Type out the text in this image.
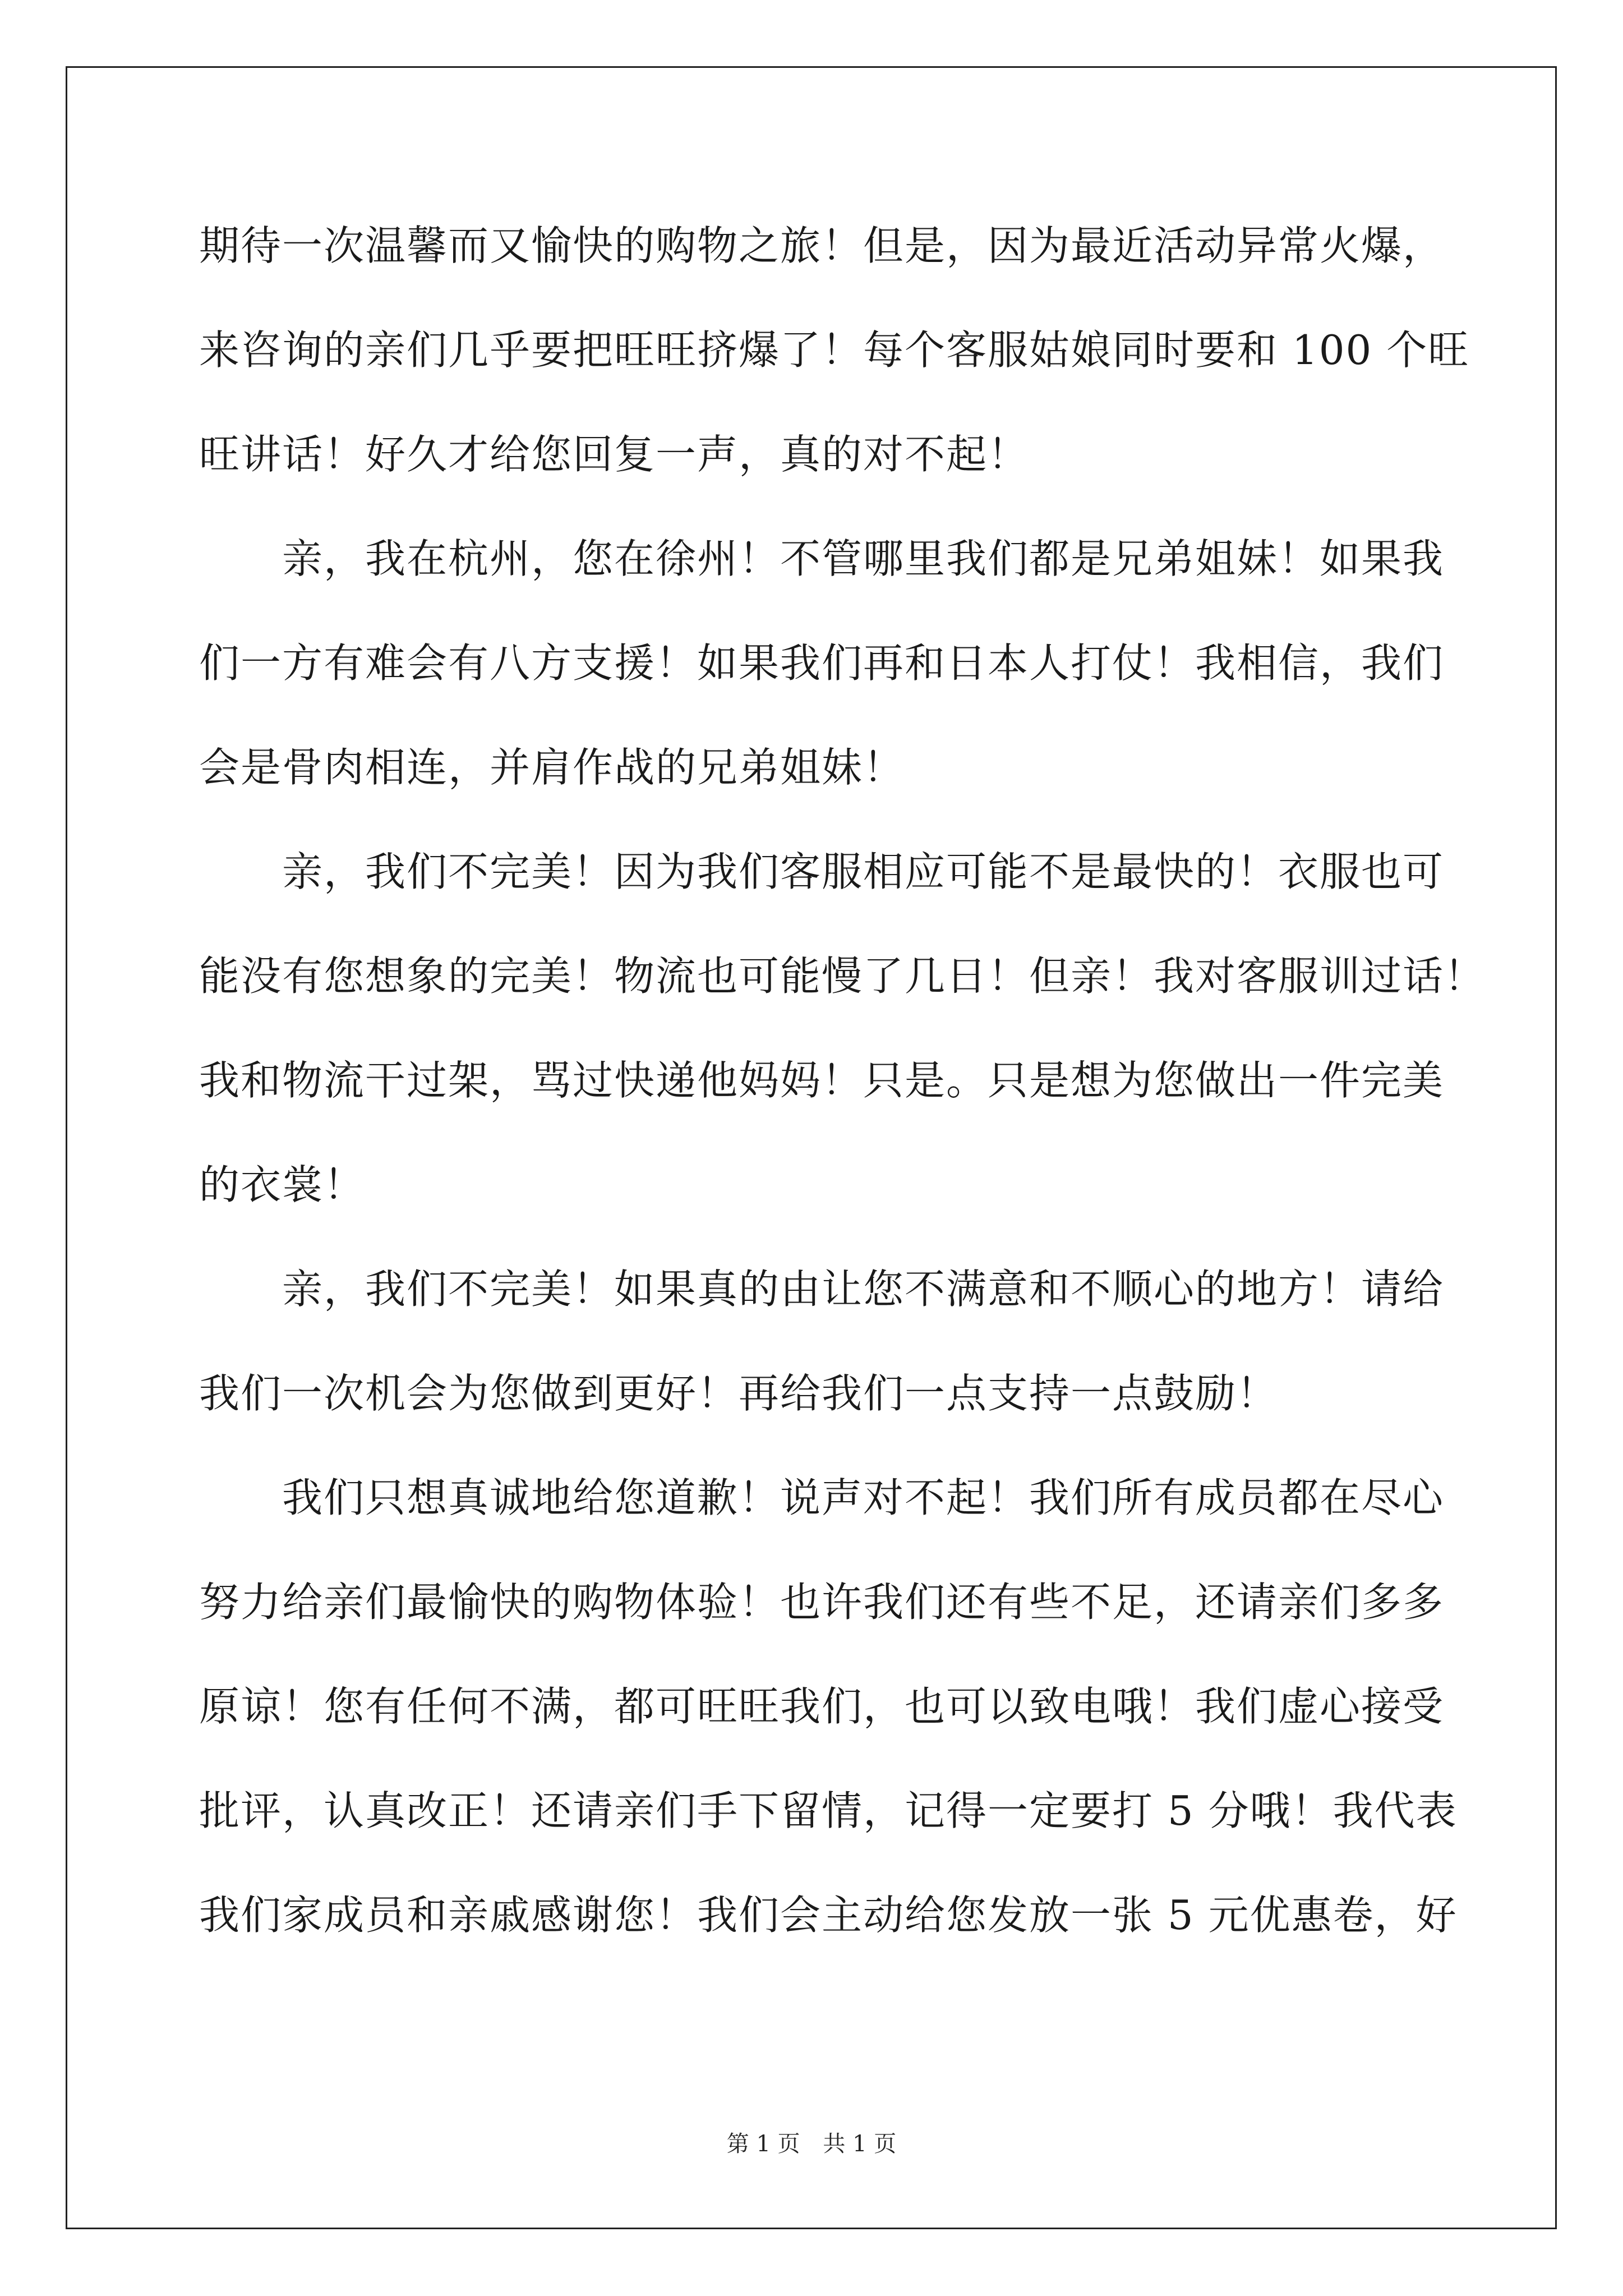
期待一次温馨而又愉快的购物之旅！但是，因为最近活动异常火爆，
来咨询的亲们几乎要把旺旺挤爆了！每个客服姑娘同时要和 100 个旺
旺讲话！好久才给您回复一声，真的对不起！
亲，我在杭州，您在徐州！不管哪里我们都是兄弟姐妹！如果我
们一方有难会有八方支援！如果我们再和日本人打仗！我相信，我们
会是骨肉相连，并肩作战的兄弟姐妹！
亲，我们不完美！因为我们客服相应可能不是最快的！衣服也可
能没有您想象的完美！物流也可能慢了几日！但亲！我对客服训过话！
我和物流干过架，骂过快递他妈妈！只是。只是想为您做出一件完美
的衣裳！
亲，我们不完美！如果真的由让您不满意和不顺心的地方！请给
我们一次机会为您做到更好！再给我们一点支持一点鼓励！
我们只想真诚地给您道歉！说声对不起！我们所有成员都在尽心
努力给亲们最愉快的购物体验！也许我们还有些不足，还请亲们多多
原谅！您有任何不满，都可旺旺我们，也可以致电哦！我们虚心接受
批评，认真改正！还请亲们手下留情，记得一定要打 5 分哦！我代表
我们家成员和亲戚感谢您！我们会主动给您发放一张 5 元优惠卷，好
第 1 页 共 1 页
